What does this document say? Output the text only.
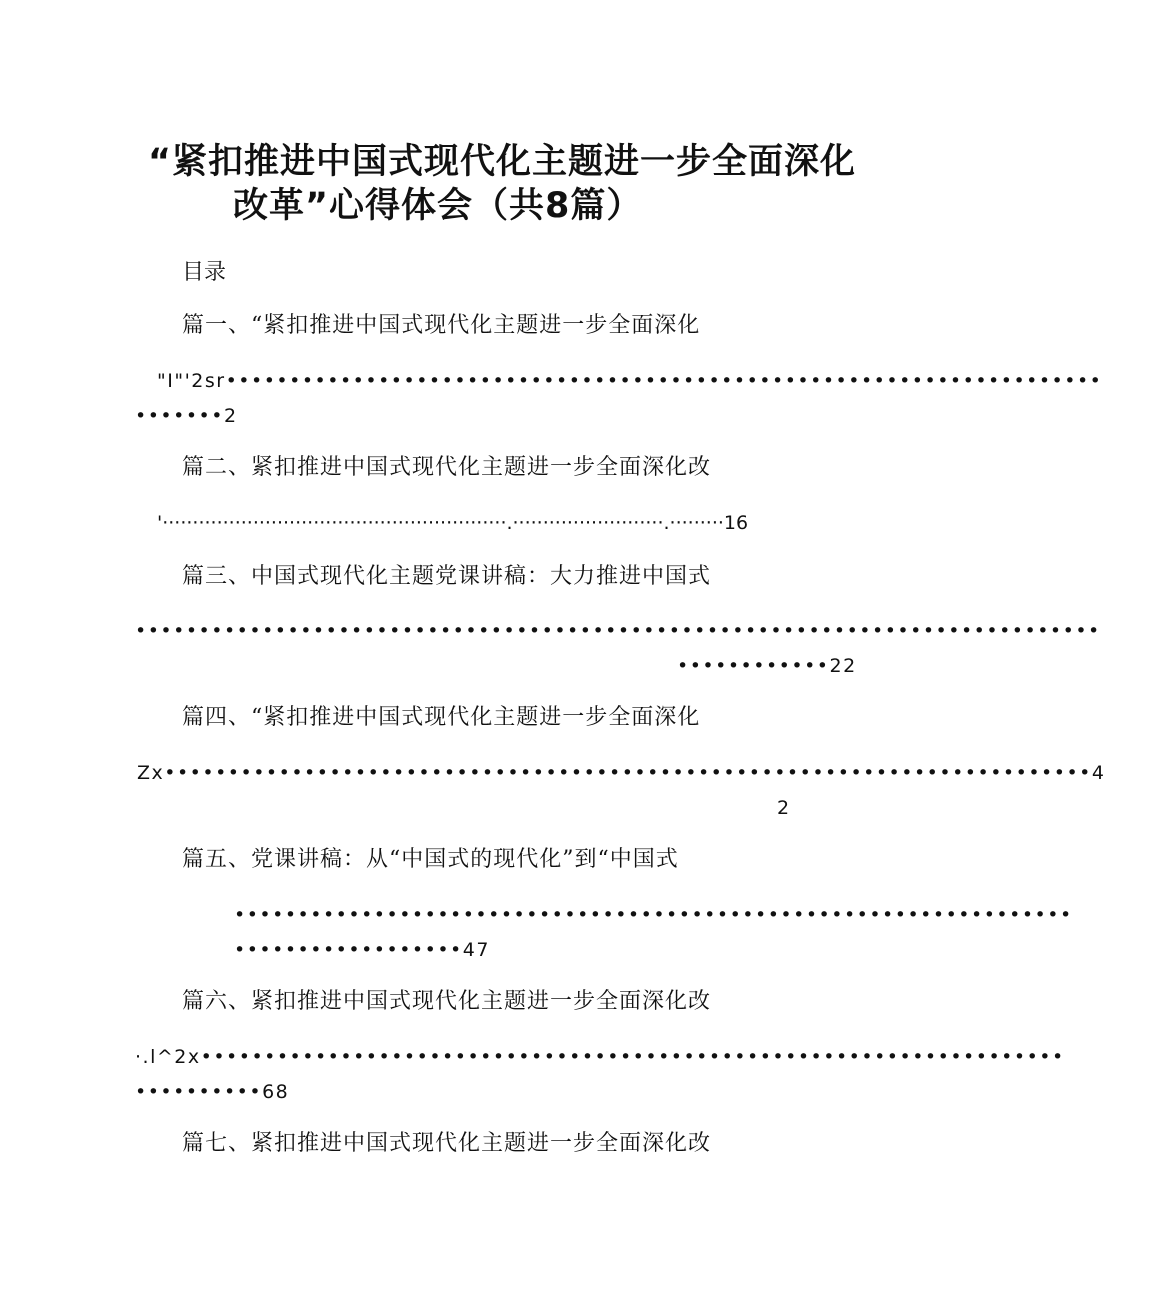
“紧扣推进中国式现代化主题进一步全面深化
改革”心得体会（共8篇）
目录
篇一、“紧扣推进中国式现代化主题进一步全面深化
"I"'2sr•••••••••••••••••••••••••••••••••••••••••••••••••••••••••••••••••••••
•••••••2
篇二、紧扣推进中国式现代化主题进一步全面深化改
'·························································.·························.·········16
篇三、中国式现代化主题党课讲稿：大力推进中国式
••••••••••••••••••••••••••••••••••••••••••••••••••••••••••••••••••••••••••••
••••••••••••22
篇四、“紧扣推进中国式现代化主题进一步全面深化
Zx•••••••••••••••••••••••••••••••••••••••••••••••••••••••••••••••••••••••••4
2
篇五、党课讲稿：从“中国式的现代化”到“中国式
••••••••••••••••••••••••••••••••••••••••••••••••••••••••••••••••••
••••••••••••••••••47
篇六、紧扣推进中国式现代化主题进一步全面深化改
·.l^2x••••••••••••••••••••••••••••••••••••••••••••••••••••••••••••••••••••
••••••••••68
篇七、紧扣推进中国式现代化主题进一步全面深化改
